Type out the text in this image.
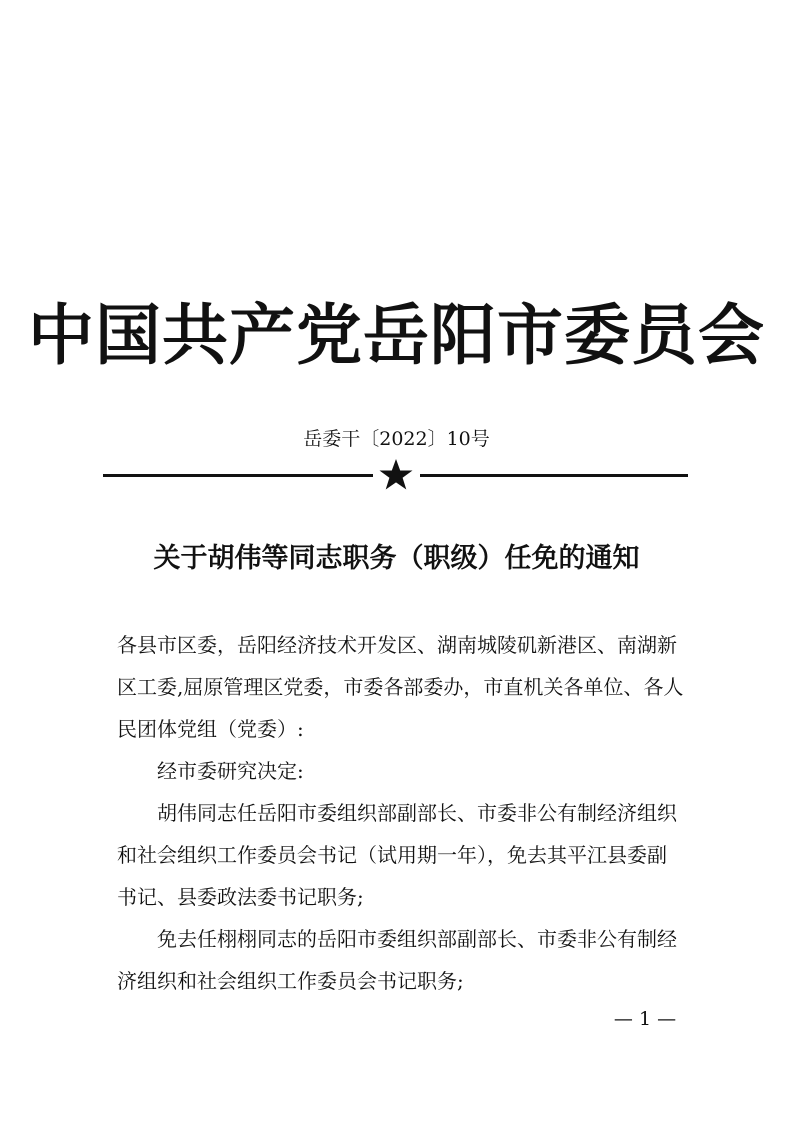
中国共产党岳阳市委员会
岳委干〔2022〕10号
关于胡伟等同志职务（职级）任免的通知

各县市区委，岳阳经济技术开发区、湖南城陵矶新港区、南湖新区工委,屈原管理区党委，市委各部委办，市直机关各单位、各人民团体党组（党委）:

经市委研究决定:

胡伟同志任岳阳市委组织部副部长、市委非公有制经济组织和社会组织工作委员会书记（试用期一年），免去其平江县委副书记、县委政法委书记职务;

免去任栩栩同志的岳阳市委组织部副部长、市委非公有制经济组织和社会组织工作委员会书记职务;

— 1 —
